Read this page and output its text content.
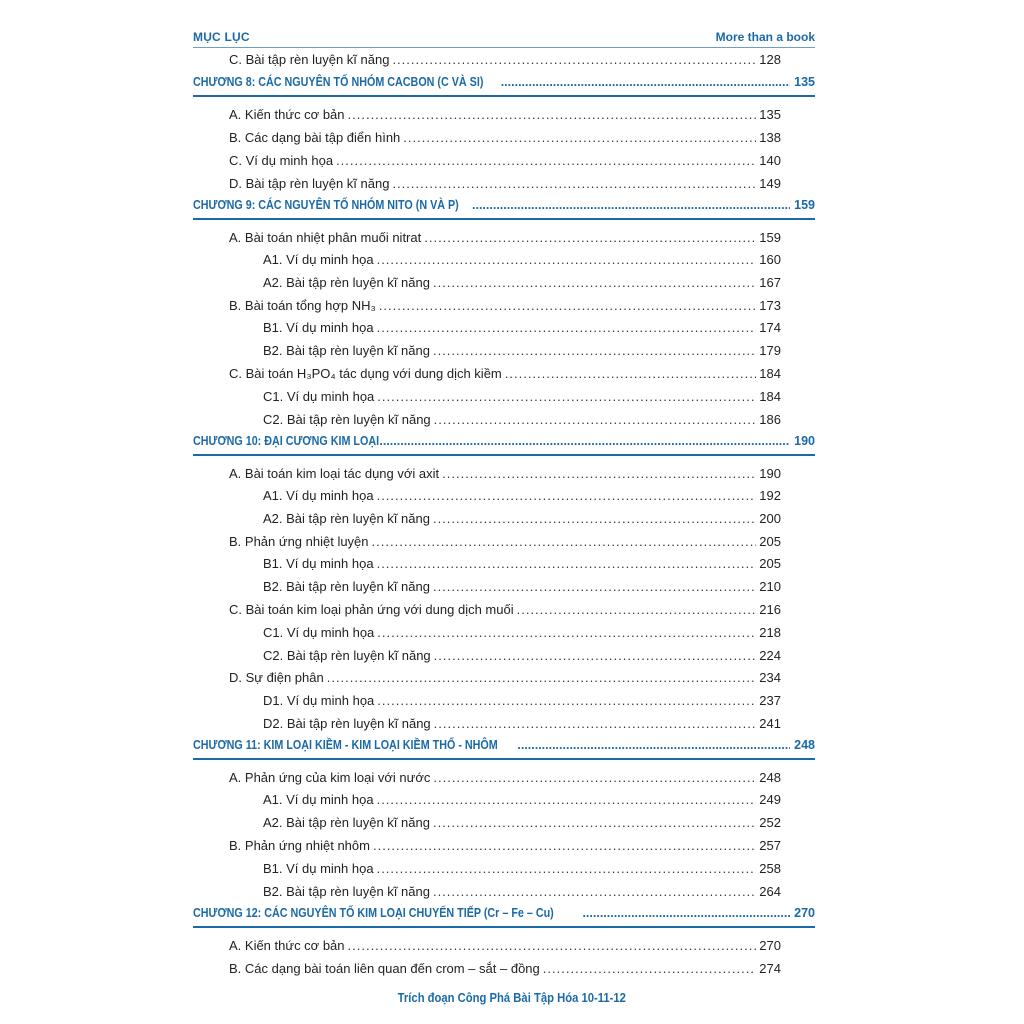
MỤC LỤC	More than a book
C. Bài tập rèn luyện kĩ năng .....	128
CHƯƠNG 8: CÁC NGUYÊN TỐ NHÓM CACBON (C VÀ SI) .....	135
A. Kiến thức cơ bản .....	135
B. Các dạng bài tập điển hình .....	138
C. Ví dụ minh họa .....	140
D. Bài tập rèn luyện kĩ năng .....	149
CHƯƠNG 9: CÁC NGUYÊN TỐ NHÓM NITO (N VÀ P) .....	159
A. Bài toán nhiệt phân muối nitrat .....	159
A1. Ví dụ minh họa .....	160
A2. Bài tập rèn luyện kĩ năng .....	167
B. Bài toán tổng hợp NH₃ .....	173
B1. Ví dụ minh họa .....	174
B2. Bài tập rèn luyện kĩ năng .....	179
C. Bài toán H₃PO₄ tác dụng với dung dịch kiềm .....	184
C1. Ví dụ minh họa .....	184
C2. Bài tập rèn luyện kĩ năng .....	186
CHƯƠNG 10: ĐẠI CƯƠNG KIM LOẠI .....	190
A. Bài toán kim loại tác dụng với axit .....	190
A1. Ví dụ minh họa .....	192
A2. Bài tập rèn luyện kĩ năng .....	200
B. Phản ứng nhiệt luyện .....	205
B1. Ví dụ minh họa .....	205
B2. Bài tập rèn luyện kĩ năng .....	210
C. Bài toán kim loại phản ứng với dung dịch muối .....	216
C1. Ví dụ minh họa .....	218
C2. Bài tập rèn luyện kĩ năng .....	224
D. Sự điện phân .....	234
D1. Ví dụ minh họa .....	237
D2. Bài tập rèn luyện kĩ năng .....	241
CHƯƠNG 11: KIM LOẠI KIỀM - KIM LOẠI KIỀM THỔ - NHÔM .....	248
A. Phản ứng của kim loại với nước .....	248
A1. Ví dụ minh họa .....	249
A2. Bài tập rèn luyện kĩ năng .....	252
B. Phản ứng nhiệt nhôm .....	257
B1. Ví dụ minh họa .....	258
B2. Bài tập rèn luyện kĩ năng .....	264
CHƯƠNG 12: CÁC NGUYÊN TỐ KIM LOẠI CHUYỂN TIẾP (Cr – Fe – Cu) .....	270
A. Kiến thức cơ bản .....	270
B. Các dạng bài toán liên quan đến crom – sắt – đồng .....	274
Trích đoạn Công Phá Bài Tập Hóa 10-11-12
